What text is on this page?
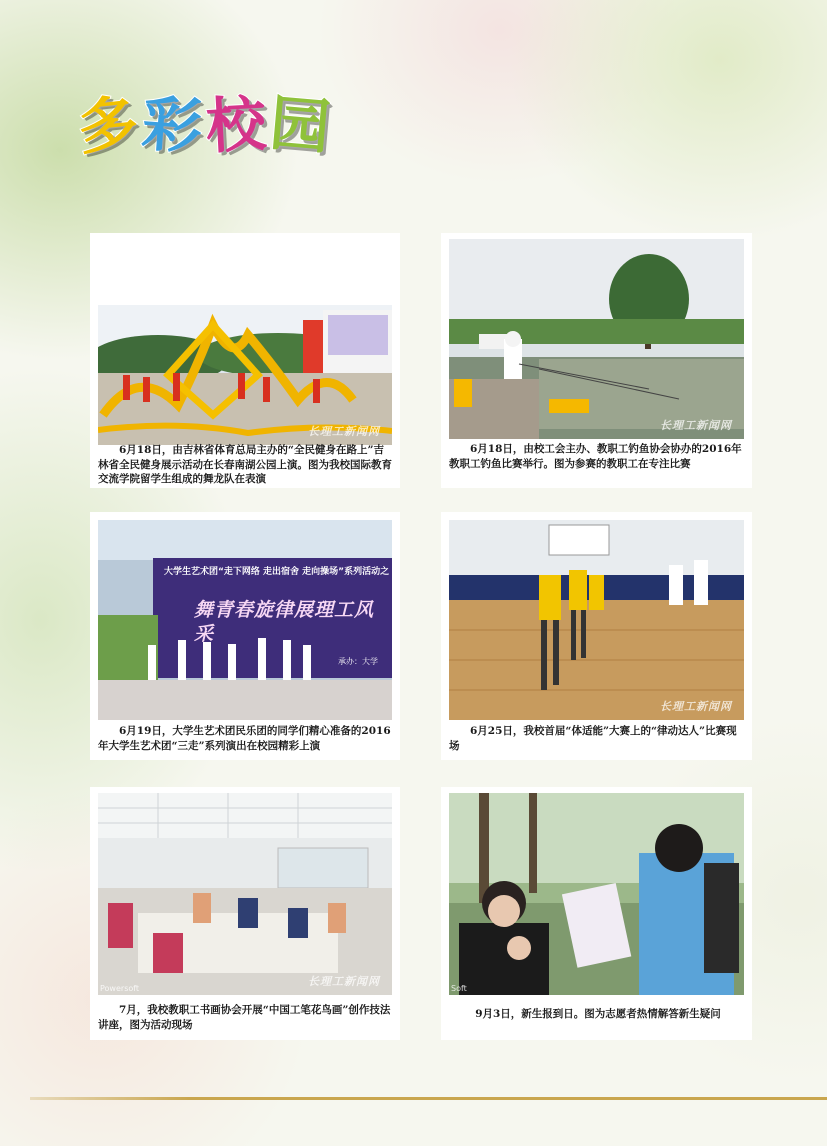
多
彩 校 园
长理工新闻网
6月18日，由吉林省体育总局主办的“全民健身在路上”吉林省全民健身展示活动在长春南湖公园上演。图为我校国际教育交流学院留学生组成的舞龙队在表演
长理工新闻网
6月18日，由校工会主办、教职工钓鱼协会协办的2016年教职工钓鱼比赛举行。图为参赛的教职工在专注比赛
大学生艺术团“走下网络 走出宿舍 走向操场”系列活动之
舞青春旋律展理工风采
承办：大学
6月19日，大学生艺术团民乐团的同学们精心准备的2016年大学生艺术团“三走”系列演出在校园精彩上演
长理工新闻网
6月25日，我校首届“体适能”大赛上的“律动达人”比赛现场
长理工新闻网
Powersoft
7月，我校教职工书画协会开展“中国工笔花鸟画”创作技法讲座，图为活动现场
Soft
9月3日，新生报到日。图为志愿者热情解答新生疑问
